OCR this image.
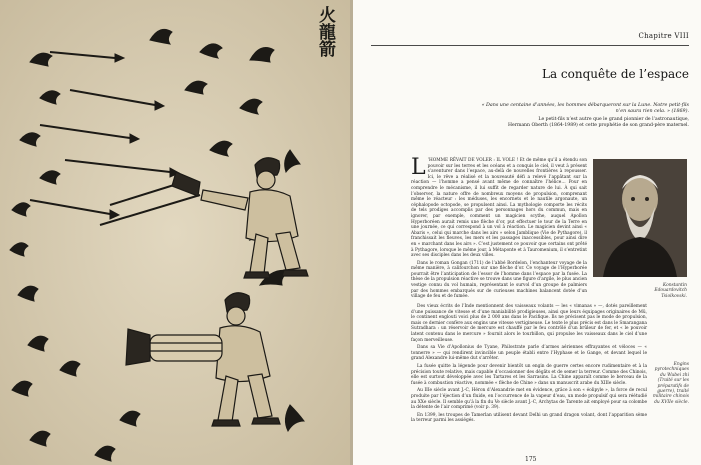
火龍箭	Chapitre VIII
La conquête de l’espace
« Dans une centaine d’années, les hommes débarqueront sur la Lune. Notre petit-fils n’en saura rien cela. » (1869).
Le petit-fils n’est autre que le grand pionnier de l’astronautique,
Hermann Oberth (1864-1989) et cette prophétie de son grand-père maternel.

L ’HOMME RÊVAIT DE VOLER : IL VOLE ! Et de même qu’il a étendu son pouvoir sur les terres et les océans et a conquis le ciel, il veut à présent s’aventurer dans l’espace, au-delà de nouvelles frontières à repousser. Ici, le rêve a réalisé et la nouveauté défi a relevé l’appâtant sur la réaction — l’homme a pensé avant même de connaître l’hélice… Pour en comprendre le mécanisme, il lui suffit de regarder nature de lui. À qui sait l’observer, la nature offre de nombreux moyens de propulsion, comprenant même le réacteur : les méduses, les encornets et le nautile argonaute, un céphalopode octopode, se propulsent ainsi. La mythologie comporte les récits de tels prodiges accomplis par des personnages hors du commun, mais en ignorer, par exemple, comment un magicien scythe, auquel Apollon Hyperboréen aurait remis une flèche d’or, put effectuer le tour de la Terre en une journée, ce qui correspond à un vol à réaction. Le magicien devint ainsi « Abaris », celui qui marche dans les airs » selon Jamblique (Vie de Pythagore), il franchissait les fleuves, les mers et les passages inaccessibles, pour ainsi dire en « marchant dans les airs ». C’est justement ce pouvoir que certains ont prêté à Pythagore, lorsque le même jour, à Métaponte et à Tauromenium, il s’entretint avec ses disciples dans les deux villes.

Dans le roman Gongan (1711) de l’abbé Bordelon, l’enchanteur voyage de la même manière, à califourchon sur une flèche d’or. Ce voyage de l’Hyperborée pourrait être l’anticipation de l’essor de l’homme dans l’espace par la fusée. La thèse de la propulsion réactive se trouve dans une figure d’argile, le plus ancien vestige connu du vol humain, représentant le survol d’un groupe de palmiers par des hommes embarqués sur de curieuses machines balancent dotée d’un village de feu et de fumée.

Konstantin Edouardovitch Tsiolkovski.

Des vieux écrits de l’Inde mentionnent des vaisseaux volants — les « vimanas » —, dotés pareillement d’une puissance de vitesse et d’une maniabilité prodigieuses, ainsi que leurs équipages originaires de Mû, le continent englouti voici plus de 2 000 ans dans le Pacifique. Ils ne précisent pas le mode de propulsion, mais ce dernier confère aux engins une vitesse vertigineuse. Le texte le plus précis est dans le Smarangana Sutradhara : un réservoir de mercure est chauffé par le feu contrôlé d’un brûleur de fer, et « le pouvoir latent contenu dans le mercure » fournit alors le tourbillon, qui propulse les vaisseaux dans le ciel d’une façon merveilleuse.

Dans sa Vie d’Apollonius de Tyane, Philostrate parle d’armes aériennes effrayantes et véloces — « tonnerre » — qui rendirent invincible un peuple établi entre l’Hyphase et le Gange, et devant lequel le grand Alexandre lui-même dut s’arrêter.

La fusée quitte la légende pour devenir bientôt un engin de guerre certes encore rudimentaire et à la précision toute relative, mais capable d’occasionner des dégâts et de semer la terreur. Comme des Chinois, elle est surtout développée avec les Tartares et les Sarrasins. La Chine apparaît comme le berceau de la fusée à combustion réactive, nommée « flèche de Chine » dans un manuscrit arabe du XIIIe siècle.

Au IIIe siècle avant J.-C, Héron d’Alexandrie met en évidence, grâce à son « éolipyle », la force de recul produite par l’éjection d’un fluide, en l’occurrence de la vapeur d’eau, un mode propulsif qui sera réétudié au XXe siècle. Il semble qu’à la fin du Ve siècle avant J.-C, Archytas de Tarente ait employé pour sa colombe la détente de l’air comprimé (voir p. 39).

En 1399, les troupes de Tamerlan utilisent devant Delhi un grand dragon volant, dont l’apparition sème la terreur parmi les assiégés.

Engins pyrotechniques du Wubei zhi (Traité sur les préparatifs de guerre), traité militaire chinois du XVIIe siècle.
175
